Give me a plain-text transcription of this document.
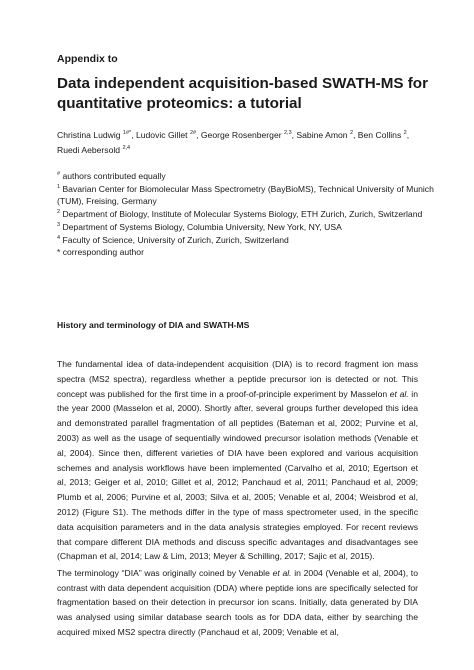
Appendix to

Data independent acquisition-based SWATH-MS for
quantitative proteomics: a tutorial
Christina Ludwig $^{1\#*}$, Ludovic Gillet $^{2\#}$, George Rosenberger $^{2,3}$, Sabine Amon $^2$, Ben Collins $^2$,
Ruedi Aebersold $^{2,4}$

# authors contributed equally

$^1$ Bavarian Center for Biomolecular Mass Spectrometry (BayBioMS), Technical University of Munich (TUM), Freising, Germany

$^2$ Department of Biology, Institute of Molecular Systems Biology, ETH Zurich, Zurich, Switzerland

$^3$ Department of Systems Biology, Columbia University, New York, NY, USA

$^4$ Faculty of Science, University of Zurich, Zurich, Switzerland

* corresponding author

History and terminology of DIA and SWATH-MS

The fundamental idea of data-independent acquisition (DIA) is to record fragment ion mass spectra (MS2 spectra), regardless whether a peptide precursor ion is detected or not. This concept was published for the first time in a proof-of-principle experiment by Masselon et al. in the year 2000 (Masselon et al, 2000). Shortly after, several groups further developed this idea and demonstrated parallel fragmentation of all peptides (Bateman et al, 2002; Purvine et al, 2003) as well as the usage of sequentially windowed precursor isolation methods (Venable et al, 2004). Since then, different varieties of DIA have been explored and various acquisition schemes and analysis workflows have been implemented (Carvalho et al, 2010; Egertson et al, 2013; Geiger et al, 2010; Gillet et al, 2012; Panchaud et al, 2011; Panchaud et al, 2009; Plumb et al, 2006; Purvine et al, 2003; Silva et al, 2005; Venable et al, 2004; Weisbrod et al, 2012) (Figure S1). The methods differ in the type of mass spectrometer used, in the specific data acquisition parameters and in the data analysis strategies employed. For recent reviews that compare different DIA methods and discuss specific advantages and disadvantages see (Chapman et al, 2014; Law & Lim, 2013; Meyer & Schilling, 2017; Sajic et al, 2015).

The terminology “DIA” was originally coined by Venable et al. in 2004 (Venable et al, 2004), to contrast with data dependent acquisition (DDA) where peptide ions are specifically selected for fragmentation based on their detection in precursor ion scans. Initially, data generated by DIA was analysed using similar database search tools as for DDA data, either by searching the acquired mixed MS2 spectra directly (Panchaud et al, 2009; Venable et al,
